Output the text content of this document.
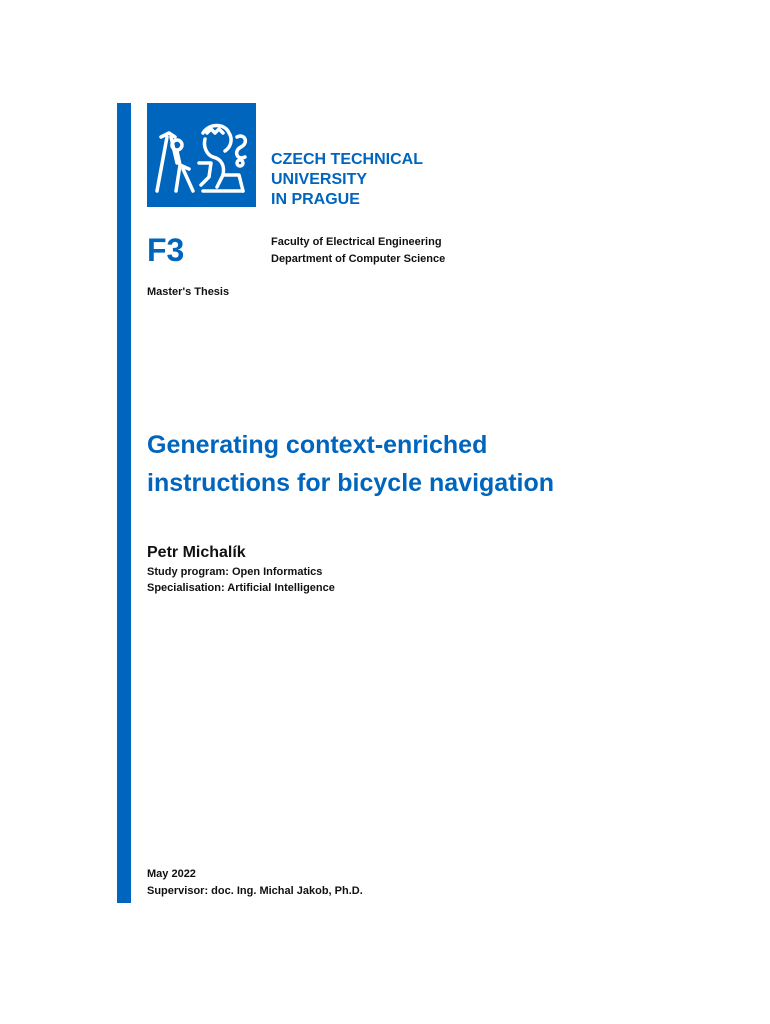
CZECH TECHNICAL
UNIVERSITY
IN PRAGUE
F3	Faculty of Electrical Engineering
Department of Computer Science
Master's Thesis
Generating context-enriched
instructions for bicycle navigation
Petr Michalík
Study program: Open Informatics
Specialisation: Artificial Intelligence
May 2022
Supervisor: doc. Ing. Michal Jakob, Ph.D.
